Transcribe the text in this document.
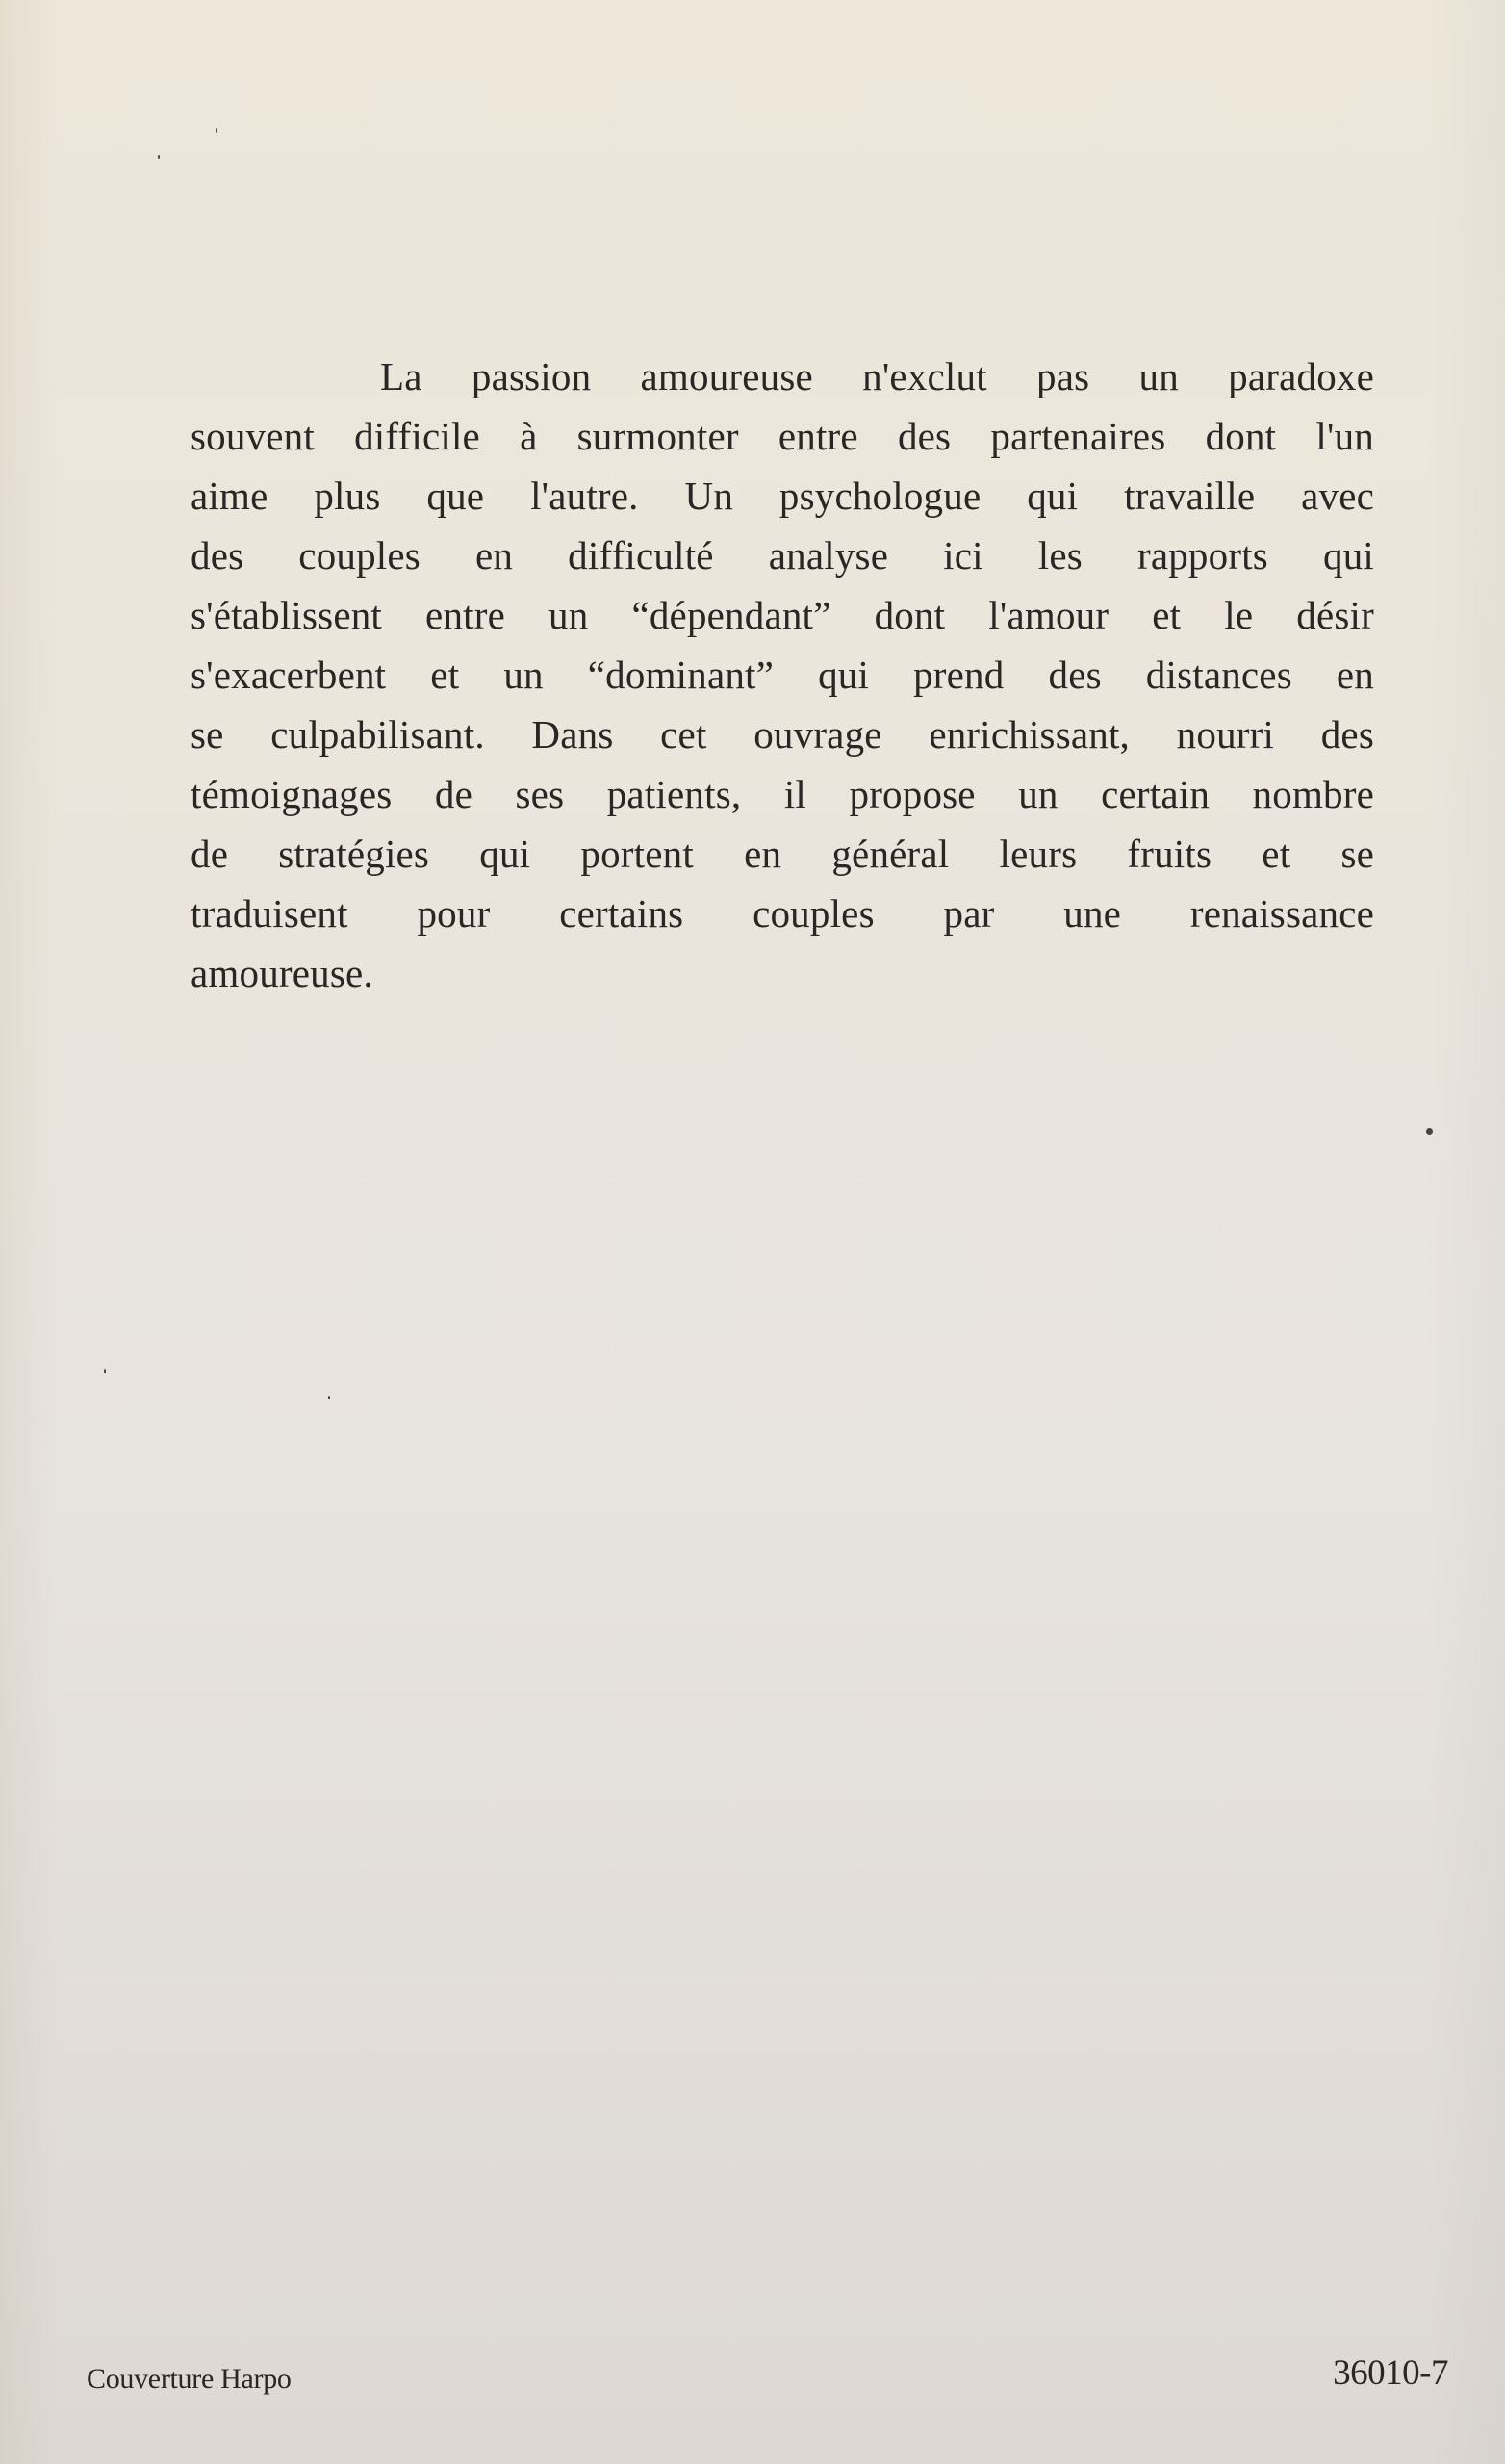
La passion amoureuse n'exclut pas un paradoxe
souvent difficile à surmonter entre des partenaires dont l'un
aime plus que l'autre. Un psychologue qui travaille avec
des couples en difficulté analyse ici les rapports qui
s'établissent entre un “dépendant” dont l'amour et le désir
s'exacerbent et un “dominant” qui prend des distances en
se culpabilisant. Dans cet ouvrage enrichissant, nourri des
témoignages de ses patients, il propose un certain nombre
de stratégies qui portent en général leurs fruits et se
traduisent pour certains couples par une renaissance
amoureuse.
Couverture Harpo	36010-7
